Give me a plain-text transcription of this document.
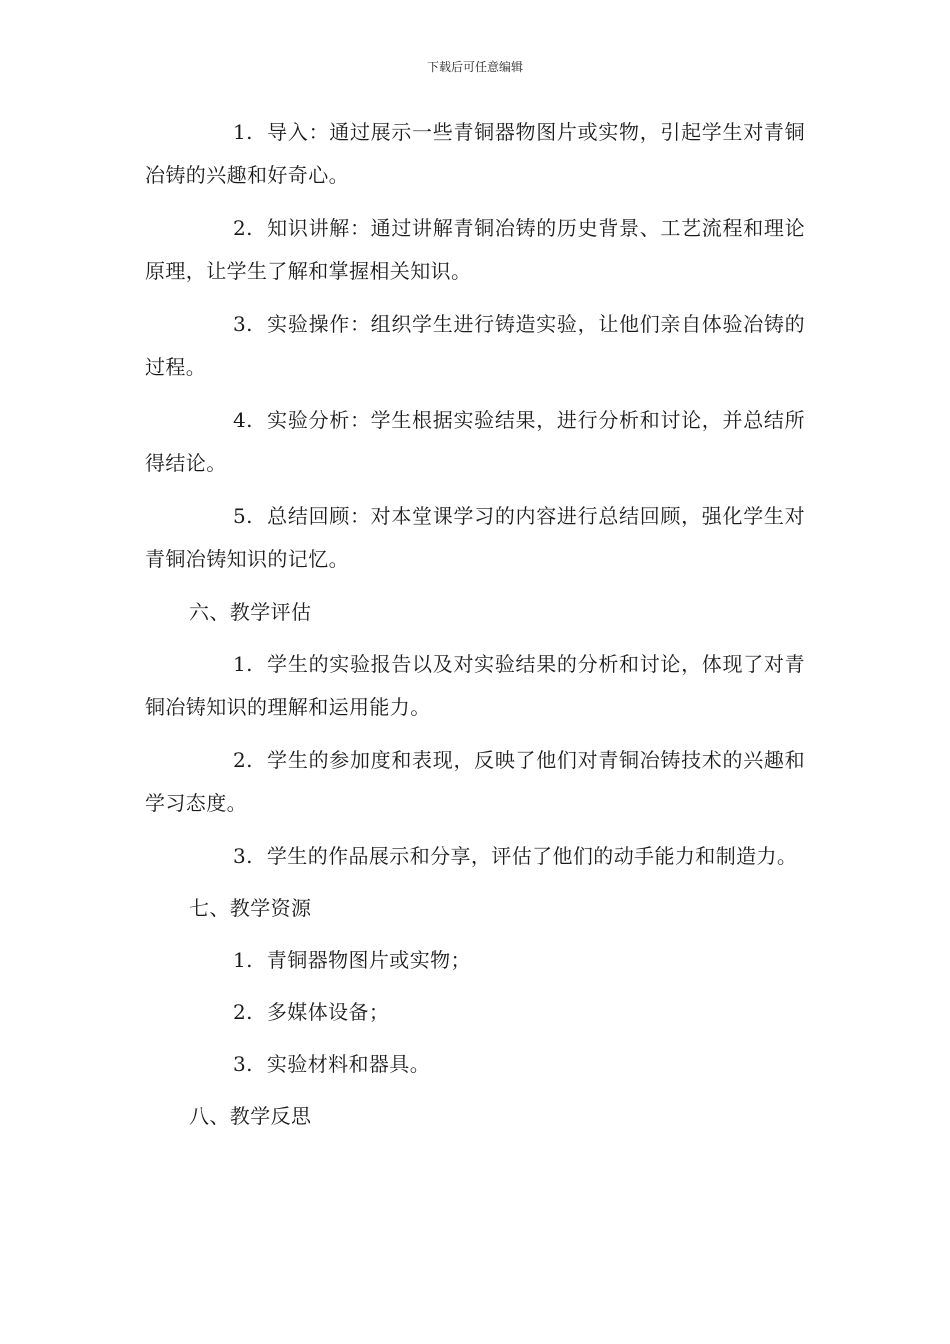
下载后可任意编辑

1. 导入：通过展示一些青铜器物图片或实物，引起学生对青铜冶铸的兴趣和好奇心。

2. 知识讲解：通过讲解青铜冶铸的历史背景、工艺流程和理论原理，让学生了解和掌握相关知识。

3. 实验操作：组织学生进行铸造实验，让他们亲自体验冶铸的过程。

4. 实验分析：学生根据实验结果，进行分析和讨论，并总结所得结论。

5. 总结回顾：对本堂课学习的内容进行总结回顾，强化学生对青铜冶铸知识的记忆。

六、教学评估

1. 学生的实验报告以及对实验结果的分析和讨论，体现了对青铜冶铸知识的理解和运用能力。

2. 学生的参加度和表现，反映了他们对青铜冶铸技术的兴趣和学习态度。

3. 学生的作品展示和分享，评估了他们的动手能力和制造力。

七、教学资源

1. 青铜器物图片或实物；

2. 多媒体设备；

3. 实验材料和器具。

八、教学反思
